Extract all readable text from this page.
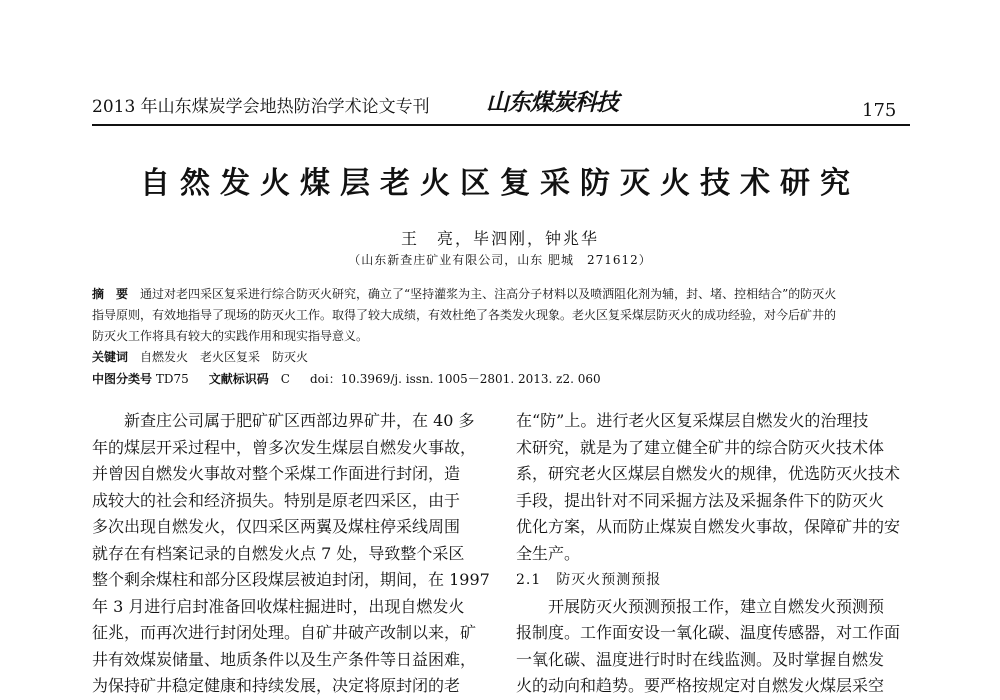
2013 年山东煤炭学会地热防治学术论文专刊 山东煤炭科技	175
自然发火煤层老火区复采防灭火技术研究
王　亮，毕泗刚，钟兆华
（山东新查庄矿业有限公司，山东 肥城　271612）
摘　要　 通过对老四采区复采进行综合防灭火研究，确立了“坚持灌浆为主、注高分子材料以及喷洒阻化剂为辅，封、堵、控相结合”的防灭火
指导原则，有效地指导了现场的防灭火工作。取得了较大成绩，有效杜绝了各类发火现象。老火区复采煤层防灭火的成功经验，对今后矿井的
防灭火工作将具有较大的实践作用和现实指导意义。
关键词　 自燃发火　老火区复采　防灭火
中图分类号 TD75 文献标识码　 C doi：10.3969/j. issn. 1005－2801. 2013. z2. 060
新查庄公司属于肥矿矿区西部边界矿井，在 40 多
年的煤层开采过程中，曾多次发生煤层自燃发火事故，
并曾因自燃发火事故对整个采煤工作面进行封闭，造
成较大的社会和经济损失。特别是原老四采区，由于
多次出现自燃发火，仅四采区两翼及煤柱停采线周围
就存在有档案记录的自燃发火点 7 处，导致整个采区
整个剩余煤柱和部分区段煤层被迫封闭，期间，在 1997
年 3 月进行启封准备回收煤柱掘进时，出现自燃发火
征兆，而再次进行封闭处理。自矿井破产改制以来，矿
井有效煤炭储量、地质条件以及生产条件等日益困难，
为保持矿井稳定健康和持续发展，决定将原封闭的老
在“防”上。进行老火区复采煤层自燃发火的治理技
术研究，就是为了建立健全矿井的综合防灭火技术体
系，研究老火区煤层自燃发火的规律，优选防灭火技术
手段，提出针对不同采掘方法及采掘条件下的防灭火
优化方案，从而防止煤炭自燃发火事故，保障矿井的安
全生产。
2.1　防灭火预测预报
开展防灭火预测预报工作，建立自燃发火预测预
报制度。工作面安设一氧化碳、温度传感器，对工作面
一氧化碳、温度进行时时在线监测。及时掌握自燃发
火的动向和趋势。要严格按规定对自燃发火煤层采空
